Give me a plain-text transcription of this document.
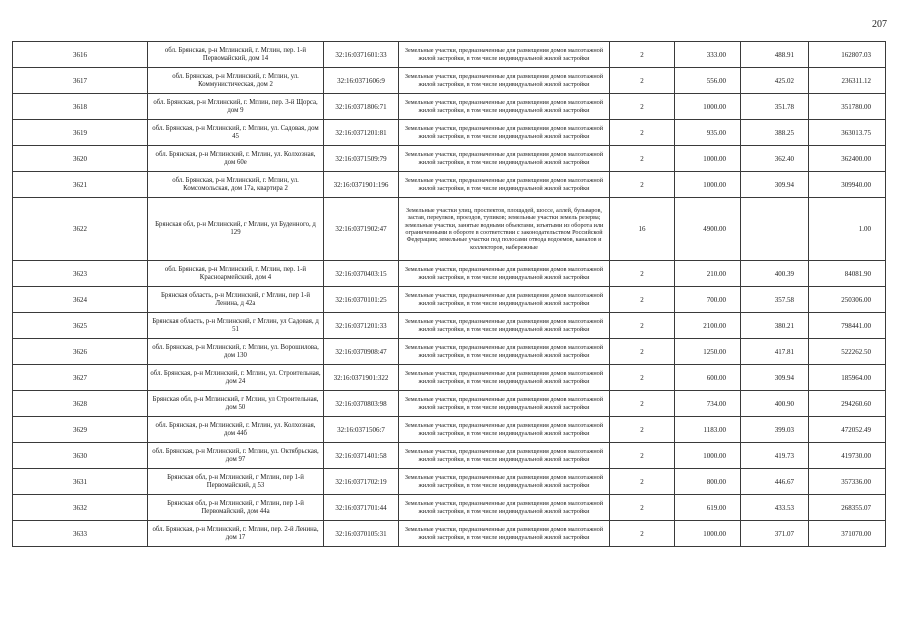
207
3616	обл. Брянская, р-н Мглинский, г. Мглин, пер. 1-й Первомайский, дом 14	32:16:0371601:33	Земельные участки, предназначенные для размещения домов малоэтажной жилой застройки, в том числе индивидуальной жилой застройки	2	333.00	488.91	162807.03
3617	обл. Брянская, р-н Мглинский, г. Мглин, ул. Коммунистическая, дом 2	32:16:0371606:9	Земельные участки, предназначенные для размещения домов малоэтажной жилой застройки, в том числе индивидуальной жилой застройки	2	556.00	425.02	236311.12
3618	обл. Брянская, р-н Мглинский, г. Мглин, пер. 3-й Щорса, дом 9	32:16:0371806:71	Земельные участки, предназначенные для размещения домов малоэтажной жилой застройки, в том числе индивидуальной жилой застройки	2	1000.00	351.78	351780.00
3619	обл. Брянская, р-н Мглинский, г. Мглин, ул. Садовая, дом 45	32:16:0371201:81	Земельные участки, предназначенные для размещения домов малоэтажной жилой застройки, в том числе индивидуальной жилой застройки	2	935.00	388.25	363013.75
3620	обл. Брянская, р-н Мглинский, г. Мглин, ул. Колхозная, дом 60е	32:16:0371509:79	Земельные участки, предназначенные для размещения домов малоэтажной жилой застройки, в том числе индивидуальной жилой застройки	2	1000.00	362.40	362400.00
3621	обл. Брянская, р-н Мглинский, г. Мглин, ул. Комсомольская, дом 17а, квартира 2	32:16:0371901:196	Земельные участки, предназначенные для размещения домов малоэтажной жилой застройки, в том числе индивидуальной жилой застройки	2	1000.00	309.94	309940.00
3622	Брянская обл, р-н Мглинский, г Мглин, ул Буденного, д 129	32:16:0371902:47	Земельные участки улиц, проспектов, площадей, шоссе, аллей, бульваров, застав, переулков, проездов, тупиков; земельные участки земель резерва; земельные участки, занятые водными объектами, изъятыми из оборота или ограниченными в обороте в соответствии с законодательством Российской Федерации; земельные участки под полосами отвода водоемов, каналов и коллекторов, набережные	16	4900.00		1.00
3623	обл. Брянская, р-н Мглинский, г. Мглин, пер. 1-й Красноармейский, дом 4	32:16:0370403:15	Земельные участки, предназначенные для размещения домов малоэтажной жилой застройки, в том числе индивидуальной жилой застройки	2	210.00	400.39	84081.90
3624	Брянская область, р-н Мглинский, г Мглин, пер 1-й Ленина, д 42а	32:16:0370101:25	Земельные участки, предназначенные для размещения домов малоэтажной жилой застройки, в том числе индивидуальной жилой застройки	2	700.00	357.58	250306.00
3625	Брянская область, р-н Мглинский, г Мглин, ул Садовая, д 51	32:16:0371201:33	Земельные участки, предназначенные для размещения домов малоэтажной жилой застройки, в том числе индивидуальной жилой застройки	2	2100.00	380.21	798441.00
3626	обл. Брянская, р-н Мглинский, г. Мглин, ул. Ворошилова, дом 130	32:16:0370908:47	Земельные участки, предназначенные для размещения домов малоэтажной жилой застройки, в том числе индивидуальной жилой застройки	2	1250.00	417.81	522262.50
3627	обл. Брянская, р-н Мглинский, г. Мглин, ул. Строительная, дом 24	32:16:0371901:322	Земельные участки, предназначенные для размещения домов малоэтажной жилой застройки, в том числе индивидуальной жилой застройки	2	600.00	309.94	185964.00
3628	Брянская обл, р-н Мглинский, г Мглин, ул Строительная, дом 50	32:16:0370803:98	Земельные участки, предназначенные для размещения домов малоэтажной жилой застройки, в том числе индивидуальной жилой застройки	2	734.00	400.90	294260.60
3629	обл. Брянская, р-н Мглинский, г. Мглин, ул. Колхозная, дом 44б	32:16:0371506:7	Земельные участки, предназначенные для размещения домов малоэтажной жилой застройки, в том числе индивидуальной жилой застройки	2	1183.00	399.03	472052.49
3630	обл. Брянская, р-н Мглинский, г. Мглин, ул. Октябрьская, дом 97	32:16:0371401:58	Земельные участки, предназначенные для размещения домов малоэтажной жилой застройки, в том числе индивидуальной жилой застройки	2	1000.00	419.73	419730.00
3631	Брянская обл, р-н Мглинский, г Мглин, пер 1-й Первомайский, д 53	32:16:0371702:19	Земельные участки, предназначенные для размещения домов малоэтажной жилой застройки, в том числе индивидуальной жилой застройки	2	800.00	446.67	357336.00
3632	Брянская обл, р-н Мглинский, г Мглин, пер 1-й Первомайский, дом 44а	32:16:0371701:44	Земельные участки, предназначенные для размещения домов малоэтажной жилой застройки, в том числе индивидуальной жилой застройки	2	619.00	433.53	268355.07
3633	обл. Брянская, р-н Мглинский, г. Мглин, пер. 2-й Ленина, дом 17	32:16:0370105:31	Земельные участки, предназначенные для размещения домов малоэтажной жилой застройки, в том числе индивидуальной жилой застройки	2	1000.00	371.07	371070.00
